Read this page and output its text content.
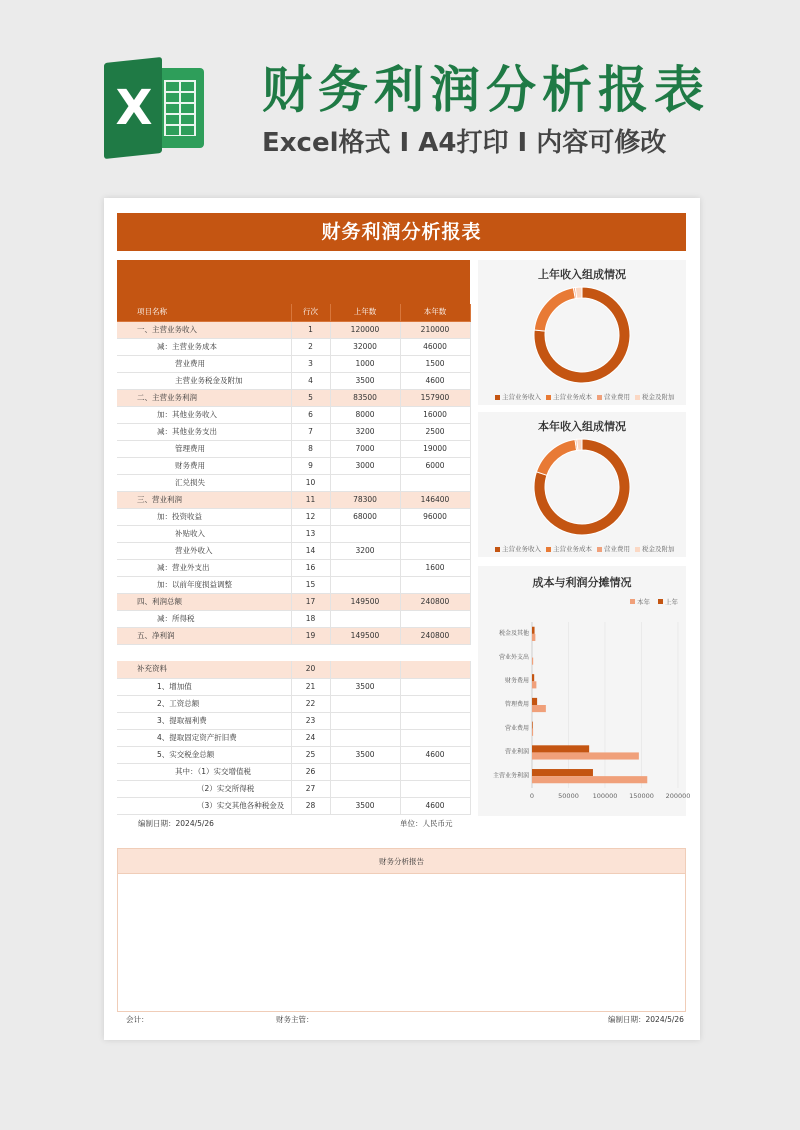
X 财务利润分析报表
Excel格式 I A4打印 I 内容可修改
财务利润分析报表
项目名称	行次	上年数	本年数
一、主营业务收入	1	120000	210000
减：主营业务成本	2	32000	46000
营业费用	3	1000	1500
主营业务税金及附加	4	3500	4600
二、主营业务利润	5	83500	157900
加：其他业务收入	6	8000	16000
减：其他业务支出	7	3200	2500
管理费用	8	7000	19000
财务费用	9	3000	6000
汇兑损失	10		
三、营业利润	11	78300	146400
加：投资收益	12	68000	96000
补贴收入	13		
营业外收入	14	3200	
减：营业外支出	16		1600
加：以前年度损益调整	15		
四、利润总额	17	149500	240800
减：所得税	18		
五、净利润	19	149500	240800
补充资料	20		
1、增加值	21	3500	
2、工资总额	22		
3、提取福利费	23		
4、提取固定资产折旧费	24		
5、实交税金总额	25	3500	4600
其中：（1）实交增值税	26		
（2）实交所得税	27		
（3）实交其他各种税金及	28	3500	4600
编制日期：2024/5/26	单位：人民币元
财务分析报告
会计：	财务主管：	编制日期：2024/5/26
上年收入组成情况
主营业务收入 主营业务成本 营业费用 税金及附加
本年收入组成情况
主营业务收入 主营业务成本 营业费用 税金及附加
成本与利润分摊情况
本年 上年
0	50000 100000 150000 200000
主营业务利润
营业利润
营业费用
管理费用
财务费用
营业外支出
税金及其他
